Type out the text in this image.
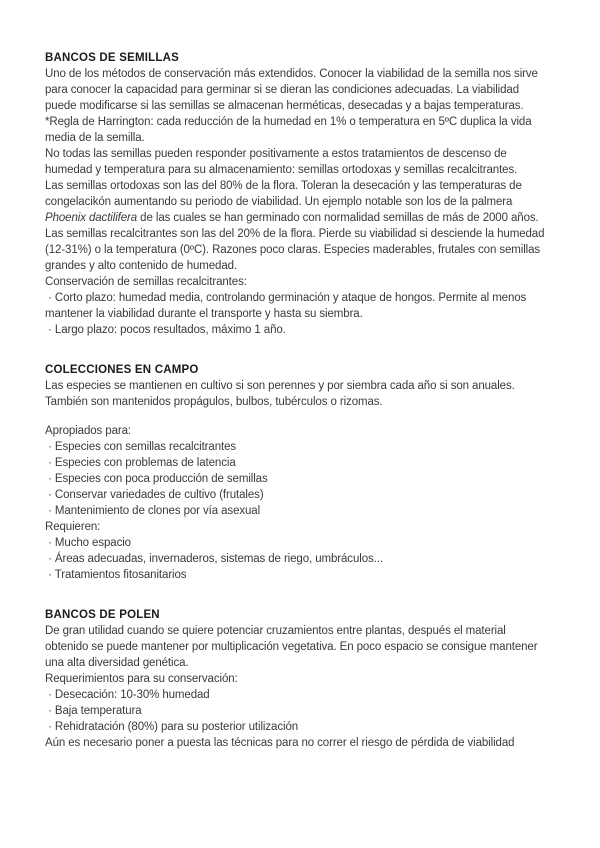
BANCOS DE SEMILLAS
Uno de los métodos de conservación más extendidos. Conocer la viabilidad de la semilla nos sirve
para conocer la capacidad para germinar si se dieran las condiciones adecuadas. La viabilidad
puede modificarse si las semillas se almacenan herméticas, desecadas y a bajas temperaturas.
*Regla de Harrington: cada reducción de la humedad en 1% o temperatura en 5ºC duplica la vida
media de la semilla.
No todas las semillas pueden responder positivamente a estos tratamientos de descenso de
humedad y temperatura para su almacenamiento: semillas ortodoxas y semillas recalcitrantes.
Las semillas ortodoxas son las del 80% de la flora. Toleran la desecación y las temperaturas de
congelacikón aumentando su periodo de viabilidad. Un ejemplo notable son los de la palmera
Phoenix dactilifera de las cuales se han germinado con normalidad semillas de más de 2000 años.
Las semillas recalcitrantes son las del 20% de la flora. Pierde su viabilidad si desciende la humedad
(12-31%) o la temperatura (0ºC). Razones poco claras. Especies maderables, frutales con semillas
grandes y alto contenido de humedad.
Conservación de semillas recalcitrantes:
· Corto plazo: humedad media, controlando germinación y ataque de hongos. Permite al menos
mantener la viabilidad durante el transporte y hasta su siembra.
· Largo plazo: pocos resultados, máximo 1 año.
COLECCIONES EN CAMPO
Las especies se mantienen en cultivo si son perennes y por siembra cada año si son anuales.
También son mantenidos propágulos, bulbos, tubérculos o rizomas.
Apropiados para:
· Especies con semillas recalcitrantes
· Especies con problemas de latencia
· Especies con poca producción de semillas
· Conservar variedades de cultivo (frutales)
· Mantenimiento de clones por vía asexual
Requieren:
· Mucho espacio
· Áreas adecuadas, invernaderos, sistemas de riego, umbráculos...
· Tratamientos fitosanitarios
BANCOS DE POLEN
De gran utilidad cuando se quiere potenciar cruzamientos entre plantas, después el material
obtenido se puede mantener por multiplicación vegetativa. En poco espacio se consigue mantener
una alta diversidad genética.
Requerimientos para su conservación:
· Desecación: 10-30% humedad
· Baja temperatura
· Rehidratación (80%) para su posterior utilización
Aún es necesario poner a puesta las técnicas para no correr el riesgo de pérdida de viabilidad
